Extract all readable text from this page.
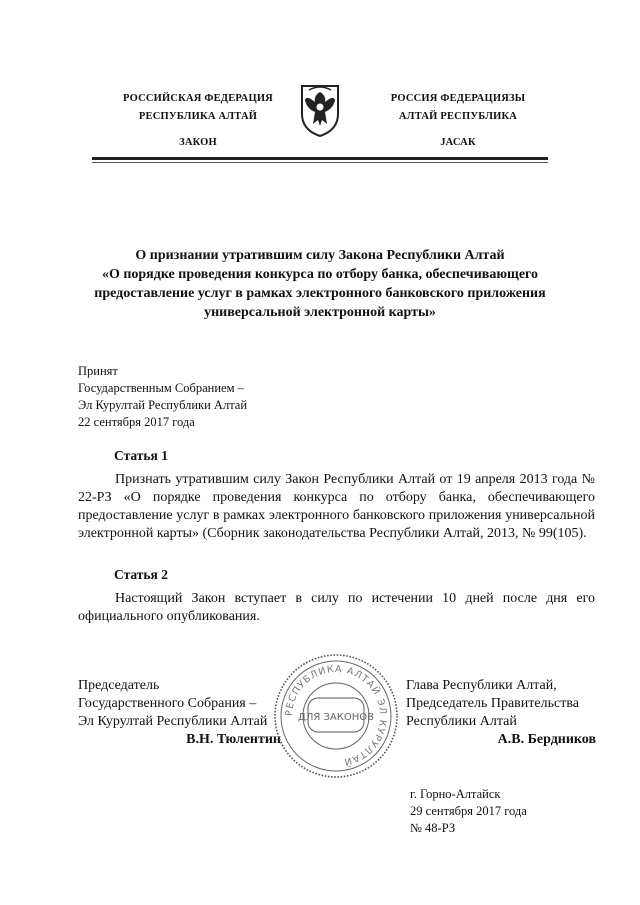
РОССИЙСКАЯ ФЕДЕРАЦИЯ
РЕСПУБЛИКА АЛТАЙ
ЗАКОН
РОССИЯ ФЕДЕРАЦИЯЗЫ
АЛТАЙ РЕСПУБЛИКА
JАСАК
О признании утратившим силу Закона Республики Алтай
«О порядке проведения конкурса по отбору банка, обеспечивающего предоставление услуг в рамках электронного банковского приложения универсальной электронной карты»
Принят
Государственным Собранием –
Эл Курултай Республики Алтай
22 сентября 2017 года
Статья 1
Признать утратившим силу Закон Республики Алтай от 19 апреля 2013 года № 22-РЗ «О порядке проведения конкурса по отбору банка, обеспечивающего предоставление услуг в рамках электронного банковского приложения универсальной электронной карты» (Сборник законодательства Республики Алтай, 2013, № 99(105).
Статья 2
Настоящий Закон вступает в силу по истечении 10 дней после дня его официального опубликования.
Председатель
Государственного Собрания –
Эл Курултай Республики Алтай
В.Н. Тюлентин
РЕСПУБЛИКА АЛТАЙ ЭЛ КУРУЛТАЙ
ДЛЯ ЗАКОНОВ
Глава Республики Алтай,
Председатель Правительства
Республики Алтай
А.В. Бердников
г. Горно-Алтайск
29 сентября 2017 года
№ 48-РЗ
